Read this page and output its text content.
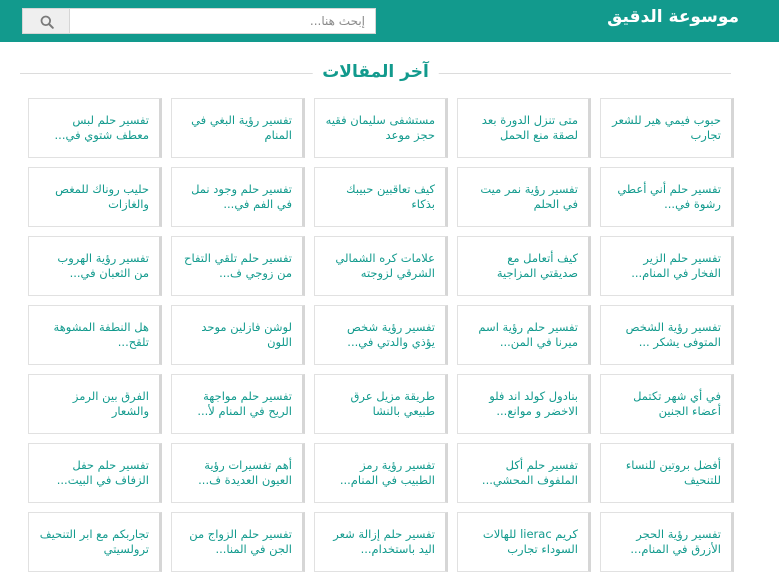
موسوعة الدقيق
إبحث هنا...
آخر المقالات
حبوب فيمي هير للشعر تجارب
متى تنزل الدورة بعد لصقة منع الحمل
مستشفى سليمان فقيه حجز موعد
تفسير رؤية البغي في المنام
تفسير حلم لبس معطف شتوي في...
تفسير حلم أني أعطي رشوة في...
تفسير رؤية نمر ميت في الحلم
كيف تعاقبين حبيبك بذكاء
تفسير حلم وجود نمل في الفم في...
حليب روناك للمغص والغازات
تفسير حلم الزير الفخار في المنام...
كيف أتعامل مع صديقتي المزاجية
علامات كره الشمالي الشرقي لزوجته
تفسير حلم تلقي التفاح من زوجي ف...
تفسير رؤية الهروب من الثعبان في...
تفسير رؤية الشخص المتوفى يشكر ...
تفسير حلم رؤية اسم ميرنا في المن...
تفسير رؤية شخص يؤذي والدتي في...
لوشن فازلين موحد اللون
هل النطفة المشوهة تلقح...
في أي شهر تكتمل أعضاء الجنين
بنادول كولد اند فلو الاخضر و موانع...
طريقة مزيل عرق طبيعي بالنشا
تفسير حلم مواجهة الريح في المنام لأ...
الفرق بين الرمز والشعار
أفضل بروتين للنساء للتنحيف
تفسير حلم أكل الملفوف المحشي...
تفسير رؤية رمز الطبيب في المنام...
أهم تفسيرات رؤية العيون العديدة ف...
تفسير حلم حفل الزفاف في البيت...
تفسير رؤية الحجر الأزرق في المنام...
كريم lierac للهالات السوداء تجارب
تفسير حلم إزالة شعر اليد باستخدام...
تفسير حلم الزواج من الجن في المنا...
تجاربكم مع ابر التنحيف ترولسيتي
